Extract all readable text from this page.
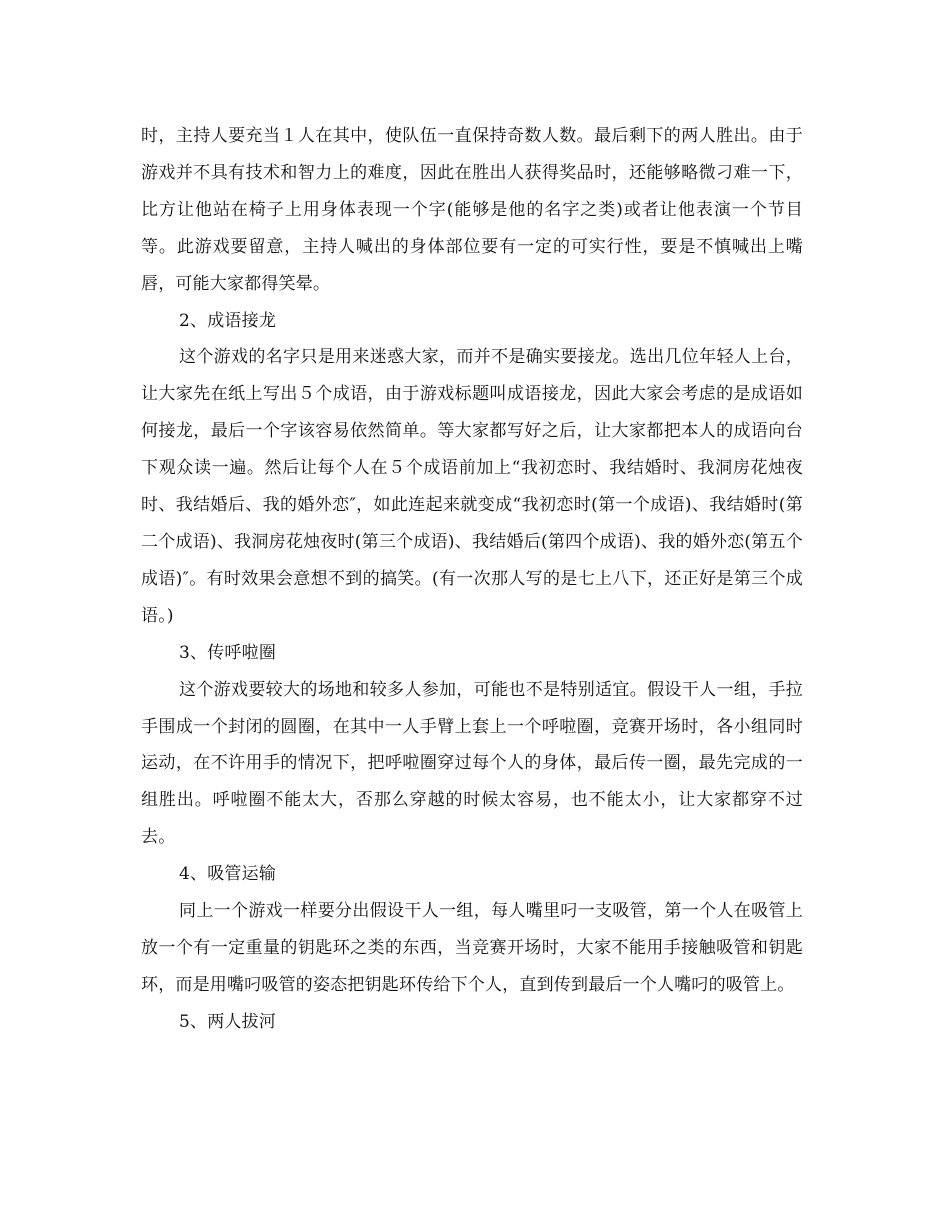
时，主持人要充当１人在其中，使队伍一直保持奇数人数。最后剩下的两人胜出。由于游戏并不具有技术和智力上的难度，因此在胜出人获得奖品时，还能够略微刁难一下，比方让他站在椅子上用身体表现一个字(能够是他的名字之类)或者让他表演一个节目等。此游戏要留意，主持人喊出的身体部位要有一定的可实行性，要是不慎喊出上嘴唇，可能大家都得笑晕。

2、成语接龙

这个游戏的名字只是用来迷惑大家，而并不是确实要接龙。选出几位年轻人上台，让大家先在纸上写出５个成语，由于游戏标题叫成语接龙，因此大家会考虑的是成语如何接龙，最后一个字该容易依然简单。等大家都写好之后，让大家都把本人的成语向台下观众读一遍。然后让每个人在５个成语前加上“我初恋时、我结婚时、我洞房花烛夜时、我结婚后、我的婚外恋″，如此连起来就变成“我初恋时(第一个成语)、我结婚时(第二个成语)、我洞房花烛夜时(第三个成语)、我结婚后(第四个成语)、我的婚外恋(第五个成语)″。有时效果会意想不到的搞笑。(有一次那人写的是七上八下，还正好是第三个成语。)

3、传呼啦圈

这个游戏要较大的场地和较多人参加，可能也不是特别适宜。假设干人一组，手拉手围成一个封闭的圆圈，在其中一人手臂上套上一个呼啦圈，竞赛开场时，各小组同时运动，在不许用手的情况下，把呼啦圈穿过每个人的身体，最后传一圈，最先完成的一组胜出。呼啦圈不能太大，否那么穿越的时候太容易，也不能太小，让大家都穿不过去。

4、吸管运输

同上一个游戏一样要分出假设干人一组，每人嘴里叼一支吸管，第一个人在吸管上放一个有一定重量的钥匙环之类的东西，当竞赛开场时，大家不能用手接触吸管和钥匙环，而是用嘴叼吸管的姿态把钥匙环传给下个人，直到传到最后一个人嘴叼的吸管上。

5、两人拔河
